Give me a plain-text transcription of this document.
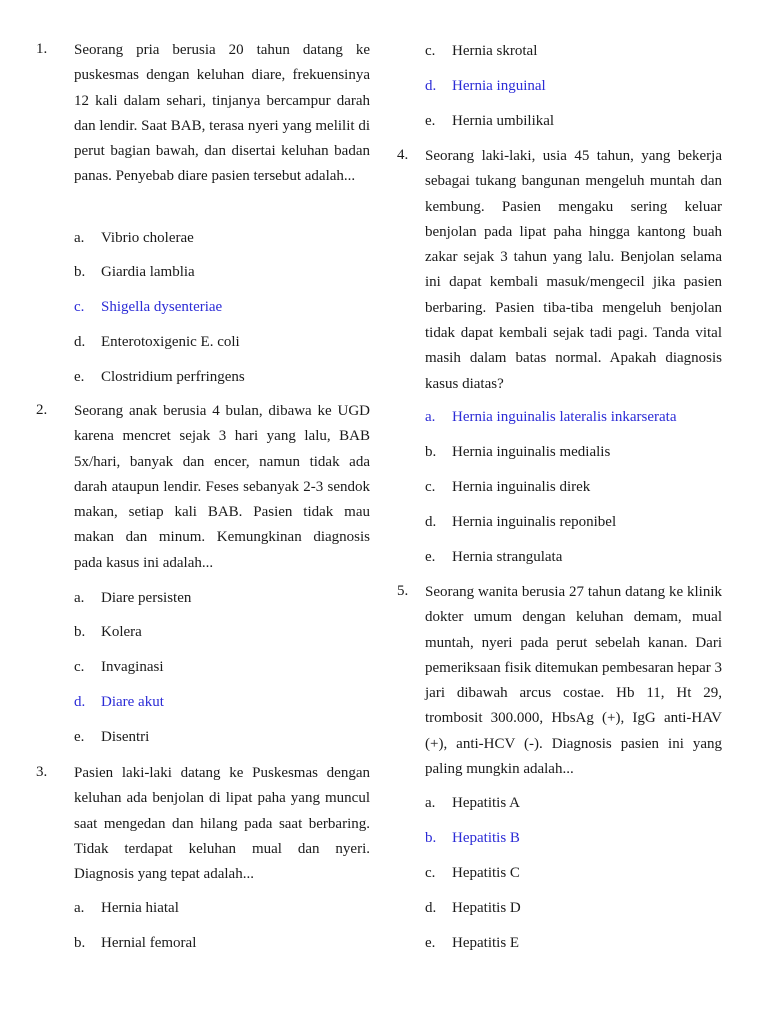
1.	Seorang pria berusia 20 tahun datang ke puskesmas dengan keluhan diare, frekuensinya 12 kali dalam sehari, tinjanya bercampur darah dan lendir. Saat BAB, terasa nyeri yang melilit di perut bagian bawah, dan disertai keluhan badan panas. Penyebab diare pasien tersebut adalah...
a. Vibrio cholerae
b. Giardia lamblia
c. Shigella dysenteriae
d. Enterotoxigenic E. coli
e. Clostridium perfringens
2.	Seorang anak berusia 4 bulan, dibawa ke UGD karena mencret sejak 3 hari yang lalu, BAB 5x/hari, banyak dan encer, namun tidak ada darah ataupun lendir. Feses sebanyak 2-3 sendok makan, setiap kali BAB. Pasien tidak mau makan dan minum. Kemungkinan diagnosis pada kasus ini adalah...
a. Diare persisten
b. Kolera
c. Invaginasi
d. Diare akut
e. Disentri
3.	Pasien laki-laki datang ke Puskesmas dengan keluhan ada benjolan di lipat paha yang muncul saat mengedan dan hilang pada saat berbaring. Tidak terdapat keluhan mual dan nyeri. Diagnosis yang tepat adalah...
a. Hernia hiatal
b. Hernial femoral
c. Hernia skrotal
d. Hernia inguinal
e. Hernia umbilikal
4.	Seorang laki-laki, usia 45 tahun, yang bekerja sebagai tukang bangunan mengeluh muntah dan kembung. Pasien mengaku sering keluar benjolan pada lipat paha hingga kantong buah zakar sejak 3 tahun yang lalu. Benjolan selama ini dapat kembali masuk/mengecil jika pasien berbaring. Pasien tiba-tiba mengeluh benjolan tidak dapat kembali sejak tadi pagi. Tanda vital masih dalam batas normal. Apakah diagnosis kasus diatas?
a. Hernia inguinalis lateralis inkarserata
b. Hernia inguinalis medialis
c. Hernia inguinalis direk
d. Hernia inguinalis reponibel
e. Hernia strangulata
5.	Seorang wanita berusia 27 tahun datang ke klinik dokter umum dengan keluhan demam, mual muntah, nyeri pada perut sebelah kanan. Dari pemeriksaan fisik ditemukan pembesaran hepar 3 jari dibawah arcus costae. Hb 11, Ht 29, trombosit 300.000, HbsAg (+), IgG anti-HAV (+), anti-HCV (-). Diagnosis pasien ini yang paling mungkin adalah...
a. Hepatitis A
b. Hepatitis B
c. Hepatitis C
d. Hepatitis D
e. Hepatitis E
